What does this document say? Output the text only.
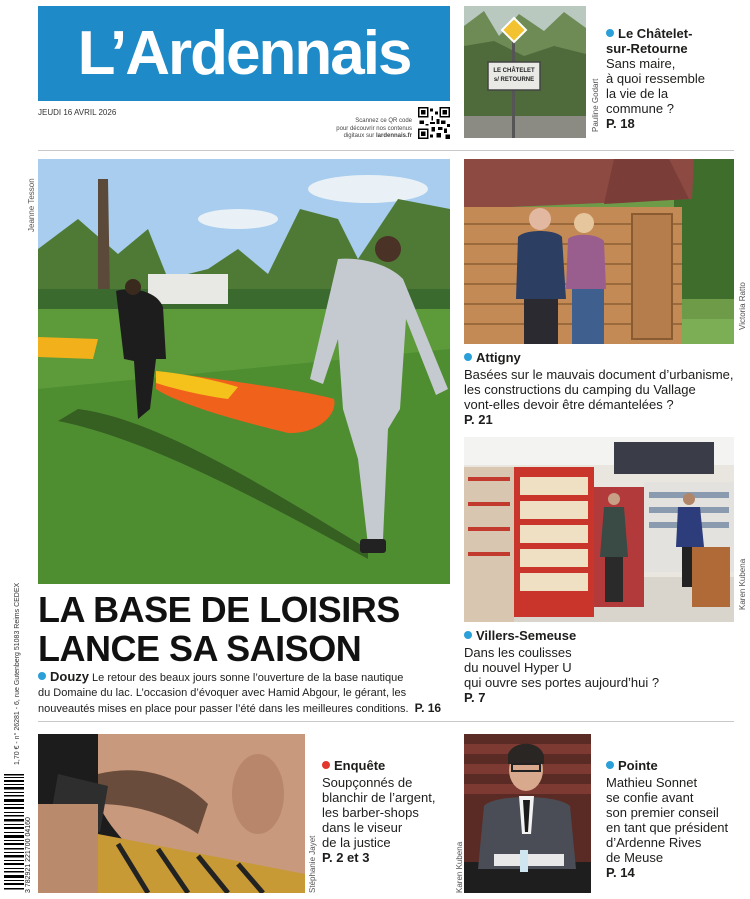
L’Ardennais
JEUDI 16 AVRIL 2026
Scannez ce QR code
pour découvrir nos contenus
digitaux sur lardennais.fr
LE CHÂTELET
s/ RETOURNE	Pauline Godart
Le Châtelet-
sur-Retourne
Sans maire,
à quoi ressemble
la vie de la
commune ?
P. 18
Jeanne Tesson
LA BASE DE LOISIRS
LANCE SA SAISON
Douzy Le retour des beaux jours sonne l’ouverture de la base nautique
du Domaine du lac. L’occasion d’évoquer avec Hamid Abgour, le gérant, les
nouveautés mises en place pour passer l’été dans les meilleures conditions. P. 16
Victoria Ratto
Attigny
Basées sur le mauvais document d’urbanisme,
les constructions du camping du Vallage
vont-elles devoir être démantelées ?
P. 21
Karen Kubena
Villers-Semeuse
Dans les coulisses
du nouvel Hyper U
qui ouvre ses portes aujourd’hui ?
P. 7
Stéphanie Jayet
Enquête
Soupçonnés de
blanchir de l’argent,
les barber-shops
dans le viseur
de la justice
P. 2 et 3	Karen Kubena
Pointe
Mathieu Sonnet
se confie avant
son premier conseil
en tant que président
d’Ardenne Rives
de Meuse
P. 14
1,70 € - n° 26281 - 6, rue Gutenberg 51083 Reims CEDEX
3 782921 221700 04160
